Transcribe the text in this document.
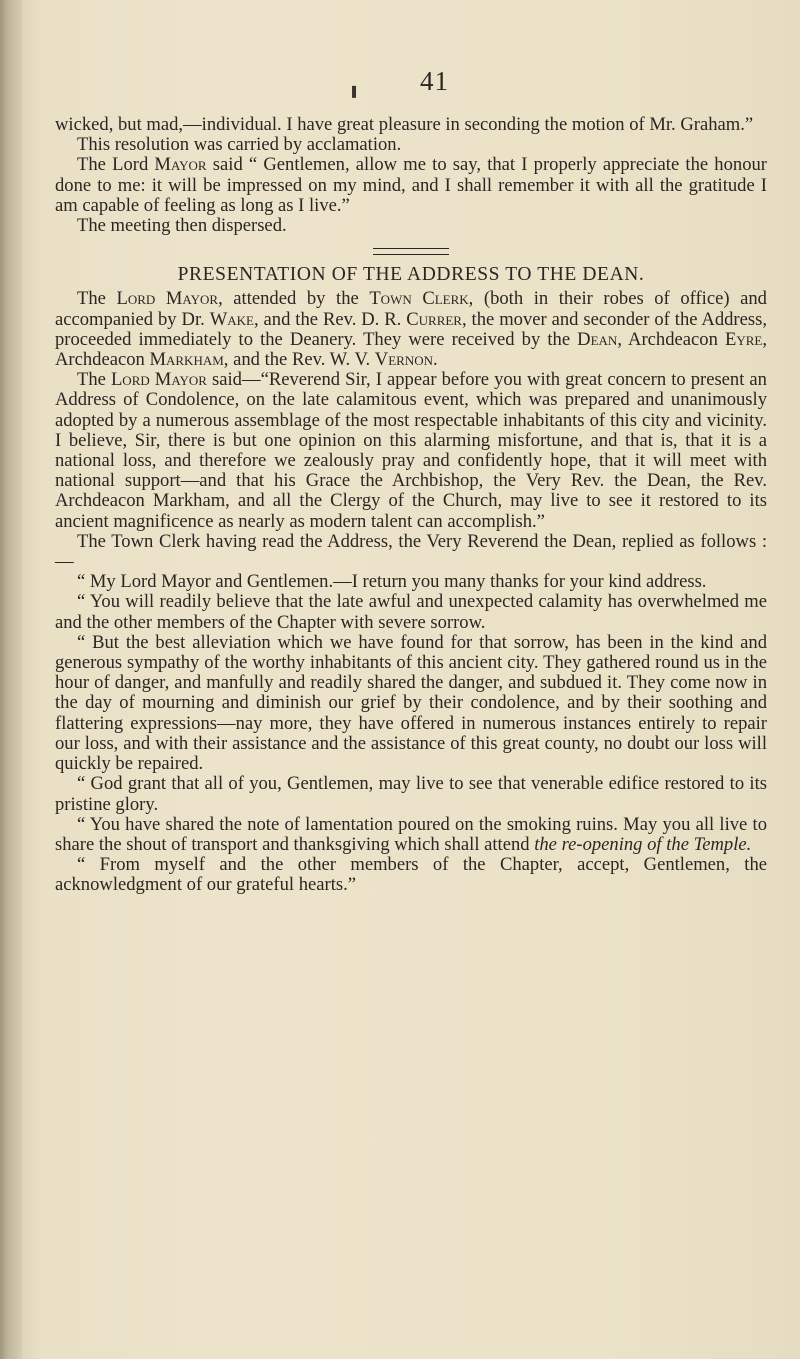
❚ 41

wicked, but mad,—individual. I have great pleasure in seconding the motion of Mr. Graham.”

This resolution was carried by acclamation.

The Lord Mayor said “ Gentlemen, allow me to say, that I properly appreciate the honour done to me: it will be impressed on my mind, and I shall remember it with all the gratitude I am capable of feeling as long as I live.”

The meeting then dispersed.

PRESENTATION OF THE ADDRESS TO THE DEAN.

The Lord Mayor, attended by the Town Clerk, (both in their robes of office) and accompanied by Dr. Wake, and the Rev. D. R. Currer, the mover and seconder of the Address, proceeded immediately to the Deanery. They were received by the Dean, Archdeacon Eyre, Archdeacon Markham, and the Rev. W. V. Vernon.

The Lord Mayor said—“Reverend Sir, I appear before you with great concern to present an Address of Condolence, on the late calamitous event, which was prepared and unanimously adopted by a numerous assemblage of the most respectable inhabitants of this city and vicinity. I believe, Sir, there is but one opinion on this alarming misfortune, and that is, that it is a national loss, and therefore we zealously pray and confidently hope, that it will meet with national support—and that his Grace the Archbishop, the Very Rev. the Dean, the Rev. Archdeacon Markham, and all the Clergy of the Church, may live to see it restored to its ancient magnificence as nearly as modern talent can accomplish.”

The Town Clerk having read the Address, the Very Reverend the Dean, replied as follows :—

“ My Lord Mayor and Gentlemen.—I return you many thanks for your kind address.

“ You will readily believe that the late awful and unexpected calamity has overwhelmed me and the other members of the Chapter with severe sorrow.

“ But the best alleviation which we have found for that sorrow, has been in the kind and generous sympathy of the worthy inhabitants of this ancient city. They gathered round us in the hour of danger, and manfully and readily shared the danger, and subdued it. They come now in the day of mourning and diminish our grief by their condolence, and by their soothing and flattering expressions—nay more, they have offered in numerous instances entirely to repair our loss, and with their assistance and the assistance of this great county, no doubt our loss will quickly be repaired.

“ God grant that all of you, Gentlemen, may live to see that venerable edifice restored to its pristine glory.

“ You have shared the note of lamentation poured on the smoking ruins. May you all live to share the shout of transport and thanksgiving which shall attend the re-opening of the Temple.

“ From myself and the other members of the Chapter, accept, Gentlemen, the acknowledgment of our grateful hearts.”
